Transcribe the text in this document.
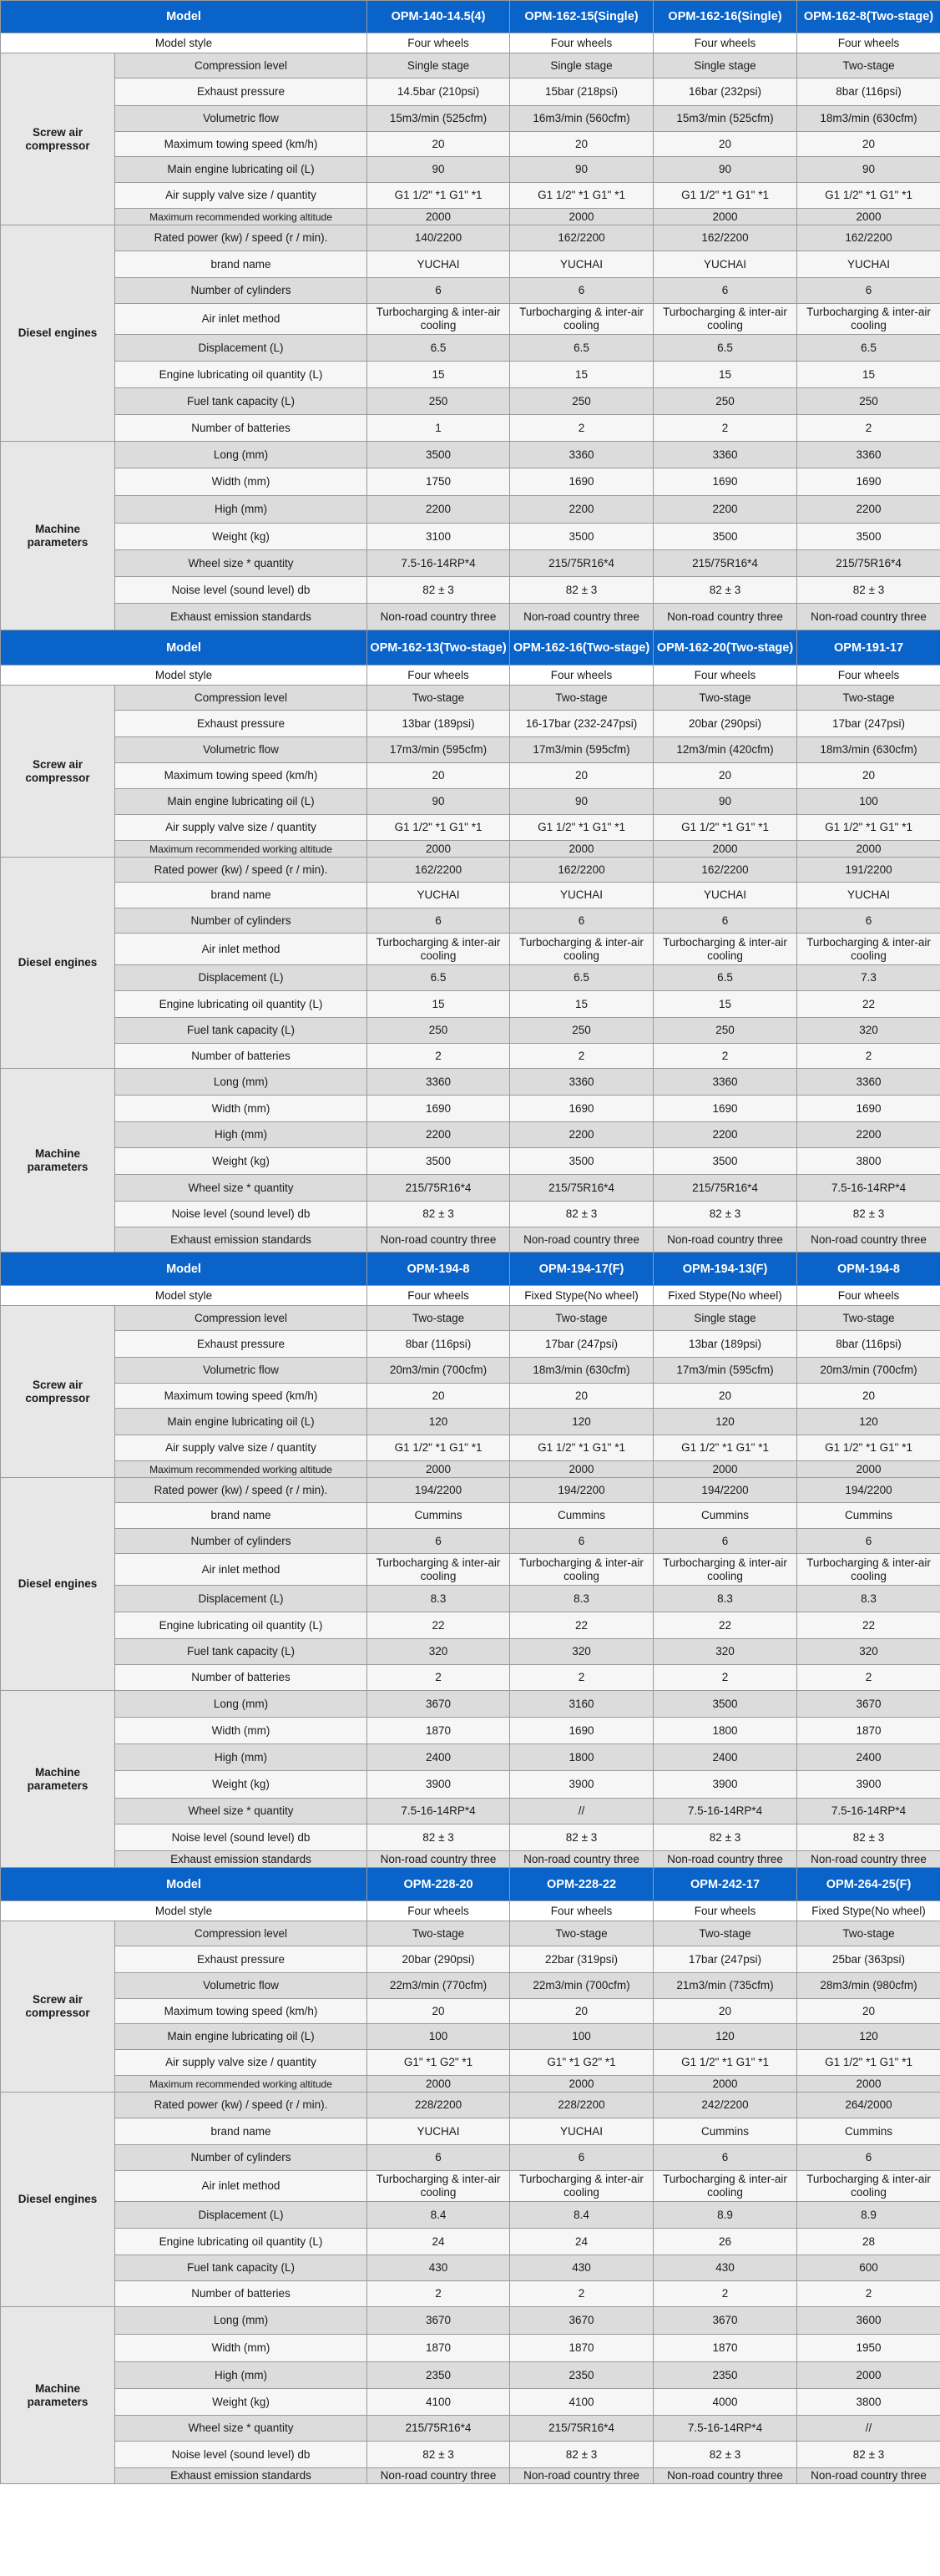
Model		OPM-140-14.5(4)	OPM-162-15(Single)	OPM-162-16(Single)	OPM-162-8(Two-stage)
Model style		Four wheels	Four wheels	Four wheels	Four wheels
Screw air compressor	Compression level	Single stage	Single stage	Single stage	Two-stage
	Exhaust pressure	14.5bar (210psi)	15bar (218psi)	16bar (232psi)	8bar (116psi)
	Volumetric flow	15m3/min (525cfm)	16m3/min (560cfm)	15m3/min (525cfm)	18m3/min (630cfm)
	Maximum towing speed (km/h)	20	20	20	20
	Main engine lubricating oil (L)	90	90	90	90
	Air supply valve size / quantity	G1 1/2" *1 G1" *1	G1 1/2" *1 G1" *1	G1 1/2" *1 G1" *1	G1 1/2" *1 G1" *1
	Maximum recommended working altitude	2000	2000	2000	2000
Diesel engines	Rated power (kw) / speed (r / min).	140/2200	162/2200	162/2200	162/2200
	brand name	YUCHAI	YUCHAI	YUCHAI	YUCHAI
	Number of cylinders	6	6	6	6
	Air inlet method	Turbocharging & inter-air cooling	Turbocharging & inter-air cooling	Turbocharging & inter-air cooling	Turbocharging & inter-air cooling
	Displacement (L)	6.5	6.5	6.5	6.5
	Engine lubricating oil quantity (L)	15	15	15	15
	Fuel tank capacity (L)	250	250	250	250
	Number of batteries	1	2	2	2
Machine parameters	Long (mm)	3500	3360	3360	3360
	Width (mm)	1750	1690	1690	1690
	High (mm)	2200	2200	2200	2200
	Weight (kg)	3100	3500	3500	3500
	Wheel size * quantity	7.5-16-14RP*4	215/75R16*4	215/75R16*4	215/75R16*4
	Noise level (sound level) db	82 ± 3	82 ± 3	82 ± 3	82 ± 3
	Exhaust emission standards	Non-road country three	Non-road country three	Non-road country three	Non-road country three
Model		OPM-162-13(Two-stage)	OPM-162-16(Two-stage)	OPM-162-20(Two-stage)	OPM-191-17
Model style		Four wheels	Four wheels	Four wheels	Four wheels
Screw air compressor	Compression level	Two-stage	Two-stage	Two-stage	Two-stage
	Exhaust pressure	13bar (189psi)	16-17bar (232-247psi)	20bar (290psi)	17bar (247psi)
	Volumetric flow	17m3/min (595cfm)	17m3/min (595cfm)	12m3/min (420cfm)	18m3/min (630cfm)
	Maximum towing speed (km/h)	20	20	20	20
	Main engine lubricating oil (L)	90	90	90	100
	Air supply valve size / quantity	G1 1/2" *1 G1" *1	G1 1/2" *1 G1" *1	G1 1/2" *1 G1" *1	G1 1/2" *1 G1" *1
	Maximum recommended working altitude	2000	2000	2000	2000
Diesel engines	Rated power (kw) / speed (r / min).	162/2200	162/2200	162/2200	191/2200
	brand name	YUCHAI	YUCHAI	YUCHAI	YUCHAI
	Number of cylinders	6	6	6	6
	Air inlet method	Turbocharging & inter-air cooling	Turbocharging & inter-air cooling	Turbocharging & inter-air cooling	Turbocharging & inter-air cooling
	Displacement (L)	6.5	6.5	6.5	7.3
	Engine lubricating oil quantity (L)	15	15	15	22
	Fuel tank capacity (L)	250	250	250	320
	Number of batteries	2	2	2	2
Machine parameters	Long (mm)	3360	3360	3360	3360
	Width (mm)	1690	1690	1690	1690
	High (mm)	2200	2200	2200	2200
	Weight (kg)	3500	3500	3500	3800
	Wheel size * quantity	215/75R16*4	215/75R16*4	215/75R16*4	7.5-16-14RP*4
	Noise level (sound level) db	82 ± 3	82 ± 3	82 ± 3	82 ± 3
	Exhaust emission standards	Non-road country three	Non-road country three	Non-road country three	Non-road country three
Model		OPM-194-8	OPM-194-17(F)	OPM-194-13(F)	OPM-194-8
Model style		Four wheels	Fixed Stype(No wheel)	Fixed Stype(No wheel)	Four wheels
Screw air compressor	Compression level	Two-stage	Two-stage	Single stage	Two-stage
	Exhaust pressure	8bar (116psi)	17bar (247psi)	13bar (189psi)	8bar (116psi)
	Volumetric flow	20m3/min (700cfm)	18m3/min (630cfm)	17m3/min (595cfm)	20m3/min (700cfm)
	Maximum towing speed (km/h)	20	20	20	20
	Main engine lubricating oil (L)	120	120	120	120
	Air supply valve size / quantity	G1 1/2" *1 G1" *1	G1 1/2" *1 G1" *1	G1 1/2" *1 G1" *1	G1 1/2" *1 G1" *1
	Maximum recommended working altitude	2000	2000	2000	2000
Diesel engines	Rated power (kw) / speed (r / min).	194/2200	194/2200	194/2200	194/2200
	brand name	Cummins	Cummins	Cummins	Cummins
	Number of cylinders	6	6	6	6
	Air inlet method	Turbocharging & inter-air cooling	Turbocharging & inter-air cooling	Turbocharging & inter-air cooling	Turbocharging & inter-air cooling
	Displacement (L)	8.3	8.3	8.3	8.3
	Engine lubricating oil quantity (L)	22	22	22	22
	Fuel tank capacity (L)	320	320	320	320
	Number of batteries	2	2	2	2
Machine parameters	Long (mm)	3670	3160	3500	3670
	Width (mm)	1870	1690	1800	1870
	High (mm)	2400	1800	2400	2400
	Weight (kg)	3900	3900	3900	3900
	Wheel size * quantity	7.5-16-14RP*4	//	7.5-16-14RP*4	7.5-16-14RP*4
	Noise level (sound level) db	82 ± 3	82 ± 3	82 ± 3	82 ± 3
	Exhaust emission standards	Non-road country three	Non-road country three	Non-road country three	Non-road country three
Model		OPM-228-20	OPM-228-22	OPM-242-17	OPM-264-25(F)
Model style		Four wheels	Four wheels	Four wheels	Fixed Stype(No wheel)
Screw air compressor	Compression level	Two-stage	Two-stage	Two-stage	Two-stage
	Exhaust pressure	20bar (290psi)	22bar (319psi)	17bar (247psi)	25bar (363psi)
	Volumetric flow	22m3/min (770cfm)	22m3/min (700cfm)	21m3/min (735cfm)	28m3/min (980cfm)
	Maximum towing speed (km/h)	20	20	20	20
	Main engine lubricating oil (L)	100	100	120	120
	Air supply valve size / quantity	G1" *1 G2" *1	G1" *1 G2" *1	G1 1/2" *1 G1" *1	G1 1/2" *1 G1" *1
	Maximum recommended working altitude	2000	2000	2000	2000
Diesel engines	Rated power (kw) / speed (r / min).	228/2200	228/2200	242/2200	264/2000
	brand name	YUCHAI	YUCHAI	Cummins	Cummins
	Number of cylinders	6	6	6	6
	Air inlet method	Turbocharging & inter-air cooling	Turbocharging & inter-air cooling	Turbocharging & inter-air cooling	Turbocharging & inter-air cooling
	Displacement (L)	8.4	8.4	8.9	8.9
	Engine lubricating oil quantity (L)	24	24	26	28
	Fuel tank capacity (L)	430	430	430	600
	Number of batteries	2	2	2	2
Machine parameters	Long (mm)	3670	3670	3670	3600
	Width (mm)	1870	1870	1870	1950
	High (mm)	2350	2350	2350	2000
	Weight (kg)	4100	4100	4000	3800
	Wheel size * quantity	215/75R16*4	215/75R16*4	7.5-16-14RP*4	//
	Noise level (sound level) db	82 ± 3	82 ± 3	82 ± 3	82 ± 3
	Exhaust emission standards	Non-road country three	Non-road country three	Non-road country three	Non-road country three
